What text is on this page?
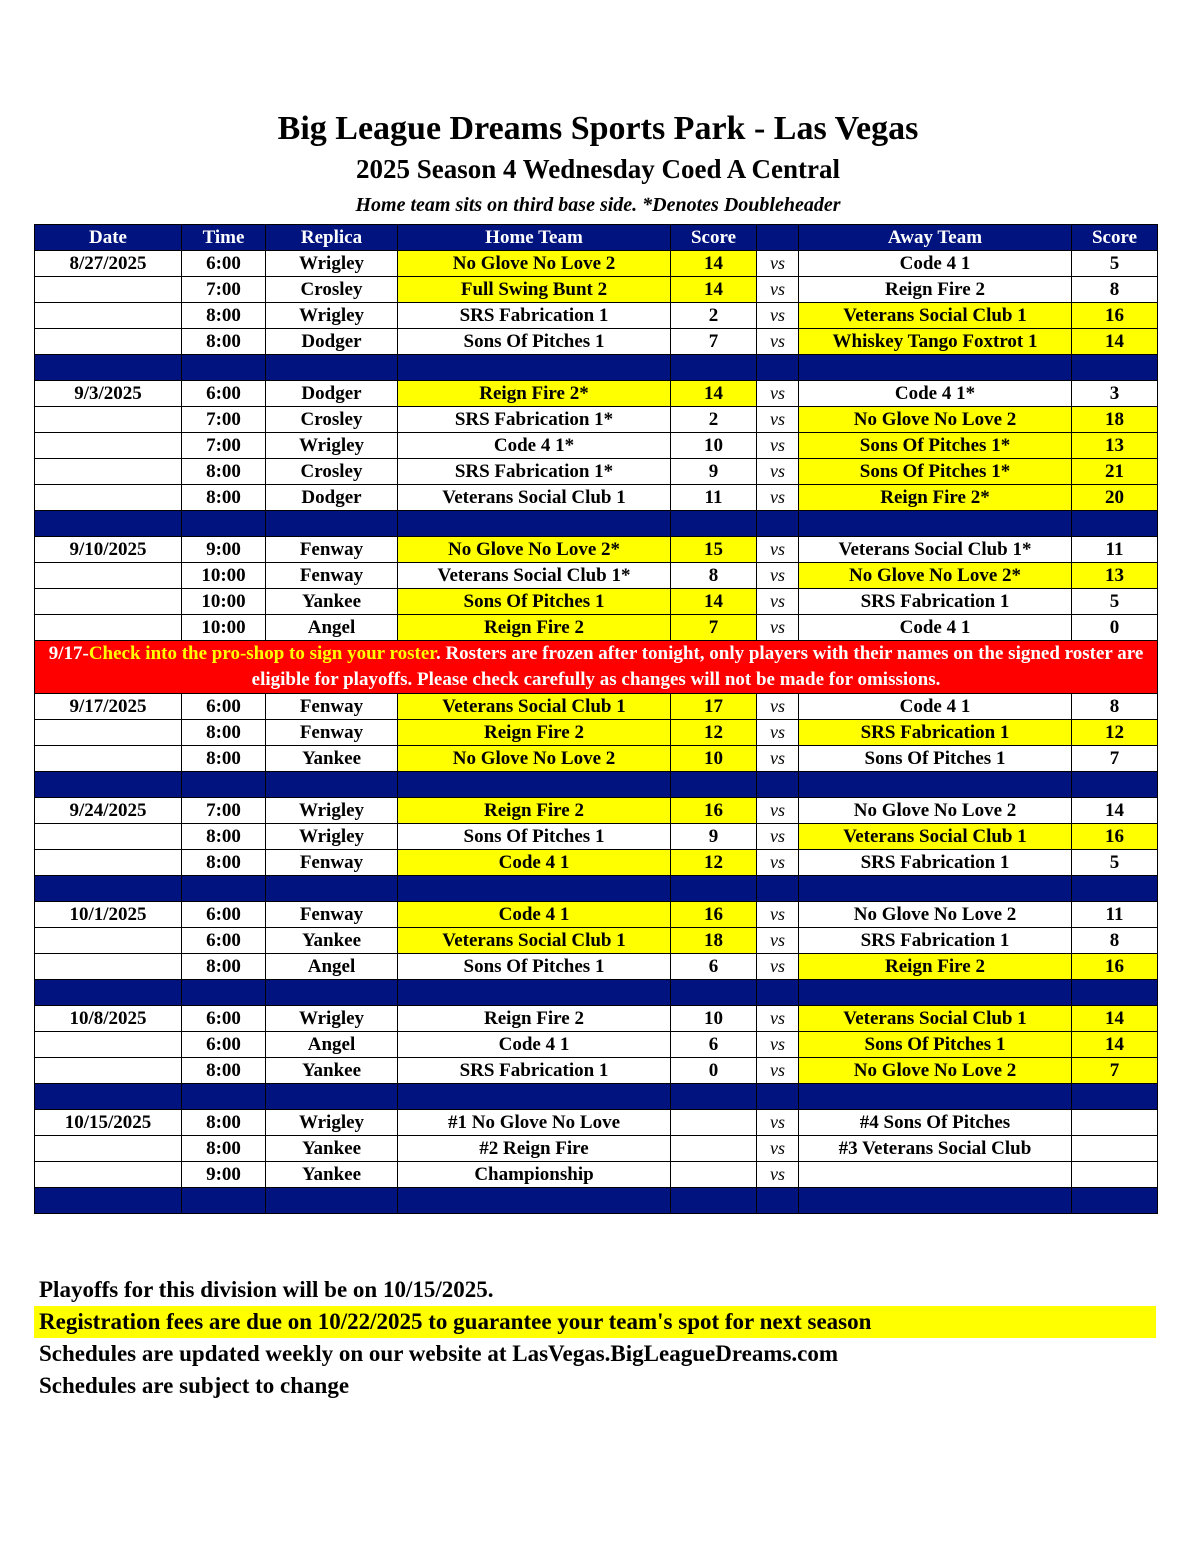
Big League Dreams Sports Park - Las Vegas
2025 Season 4 Wednesday Coed A Central
Home team sits on third base side. *Denotes Doubleheader
Date	Time	Replica	Home Team	Score		Away Team	Score
8/27/2025	6:00	Wrigley	No Glove No Love 2	14	vs	Code 4 1	5
	7:00	Crosley	Full Swing Bunt 2	14	vs	Reign Fire 2	8
	8:00	Wrigley	SRS Fabrication 1	2	vs	Veterans Social Club 1	16
	8:00	Dodger	Sons Of Pitches 1	7	vs	Whiskey Tango Foxtrot 1	14

9/3/2025	6:00	Dodger	Reign Fire 2*	14	vs	Code 4 1*	3
	7:00	Crosley	SRS Fabrication 1*	2	vs	No Glove No Love 2	18
	7:00	Wrigley	Code 4 1*	10	vs	Sons Of Pitches 1*	13
	8:00	Crosley	SRS Fabrication 1*	9	vs	Sons Of Pitches 1*	21
	8:00	Dodger	Veterans Social Club 1	11	vs	Reign Fire 2*	20

9/10/2025	9:00	Fenway	No Glove No Love 2*	15	vs	Veterans Social Club 1*	11
	10:00	Fenway	Veterans Social Club 1*	8	vs	No Glove No Love 2*	13
	10:00	Yankee	Sons Of Pitches 1	14	vs	SRS Fabrication 1	5
	10:00	Angel	Reign Fire 2	7	vs	Code 4 1	0
9/17-Check into the pro-shop to sign your roster. Rosters are frozen after tonight, only players with their names on the signed roster are eligible for playoffs. Please check carefully as changes will not be made for omissions.							
9/17/2025	6:00	Fenway	Veterans Social Club 1	17	vs	Code 4 1	8
	8:00	Fenway	Reign Fire 2	12	vs	SRS Fabrication 1	12
	8:00	Yankee	No Glove No Love 2	10	vs	Sons Of Pitches 1	7

9/24/2025	7:00	Wrigley	Reign Fire 2	16	vs	No Glove No Love 2	14
	8:00	Wrigley	Sons Of Pitches 1	9	vs	Veterans Social Club 1	16
	8:00	Fenway	Code 4 1	12	vs	SRS Fabrication 1	5

10/1/2025	6:00	Fenway	Code 4 1	16	vs	No Glove No Love 2	11
	6:00	Yankee	Veterans Social Club 1	18	vs	SRS Fabrication 1	8
	8:00	Angel	Sons Of Pitches 1	6	vs	Reign Fire 2	16

10/8/2025	6:00	Wrigley	Reign Fire 2	10	vs	Veterans Social Club 1	14
	6:00	Angel	Code 4 1	6	vs	Sons Of Pitches 1	14
	8:00	Yankee	SRS Fabrication 1	0	vs	No Glove No Love 2	7

10/15/2025	8:00	Wrigley	#1 No Glove No Love		vs	#4 Sons Of Pitches	
	8:00	Yankee	#2 Reign Fire		vs	#3 Veterans Social Club	
	9:00	Yankee	Championship		vs		

Playoffs for this division will be on 10/15/2025.
Registration fees are due on 10/22/2025 to guarantee your team's spot for next season
Schedules are updated weekly on our website at LasVegas.BigLeagueDreams.com
Schedules are subject to change
